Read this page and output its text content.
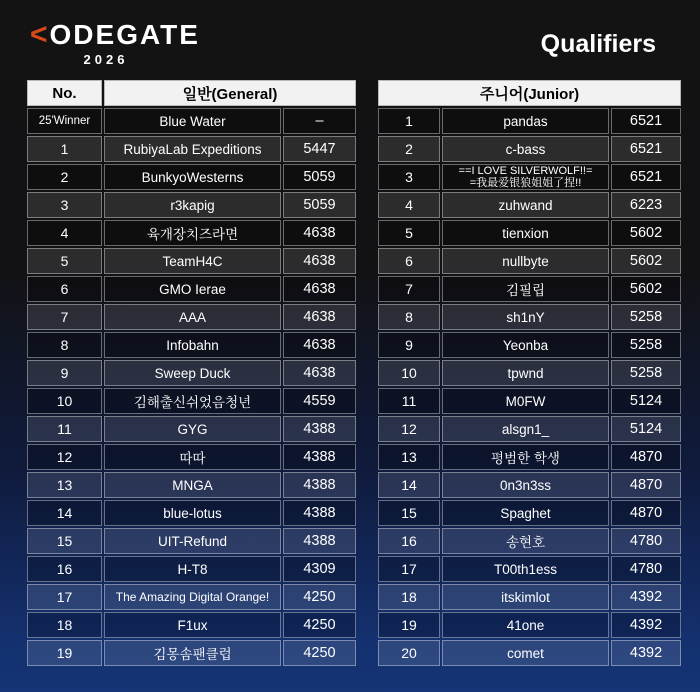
<ODEGATE
2026
Qualifiers
No.	일반(General)	
25'Winner	Blue Water	–
1	RubiyaLab Expeditions	5447
2	BunkyoWesterns	5059
3	r3kapig	5059
4	육개장치즈라면	4638
5	TeamH4C	4638
6	GMO Ierae	4638
7	AAA	4638
8	Infobahn	4638
9	Sweep Duck	4638
10	김해출신쉬었음청년	4559
11	GYG	4388
12	따따	4388
13	MNGA	4388
14	blue-lotus	4388
15	UIT-Refund	4388
16	H-T8	4309
17	The Amazing Digital Orange!	4250
18	F1ux	4250
19	김몽솜팬클럽	4250
주니어(Junior)		
1	pandas	6521
2	c-bass	6521
3	==I LOVE SILVERWOLF!!=
=我最爱银狼姐姐了捏!!	6521
4	zuhwand	6223
5	tienxion	5602
6	nullbyte	5602
7	김필립	5602
8	sh1nY	5258
9	Yeonba	5258
10	tpwnd	5258
11	M0FW	5124
12	alsgn1_	5124
13	평범한 학생	4870
14	0n3n3ss	4870
15	Spaghet	4870
16	송현호	4780
17	T00th1ess	4780
18	itskimlot	4392
19	41one	4392
20	comet	4392
